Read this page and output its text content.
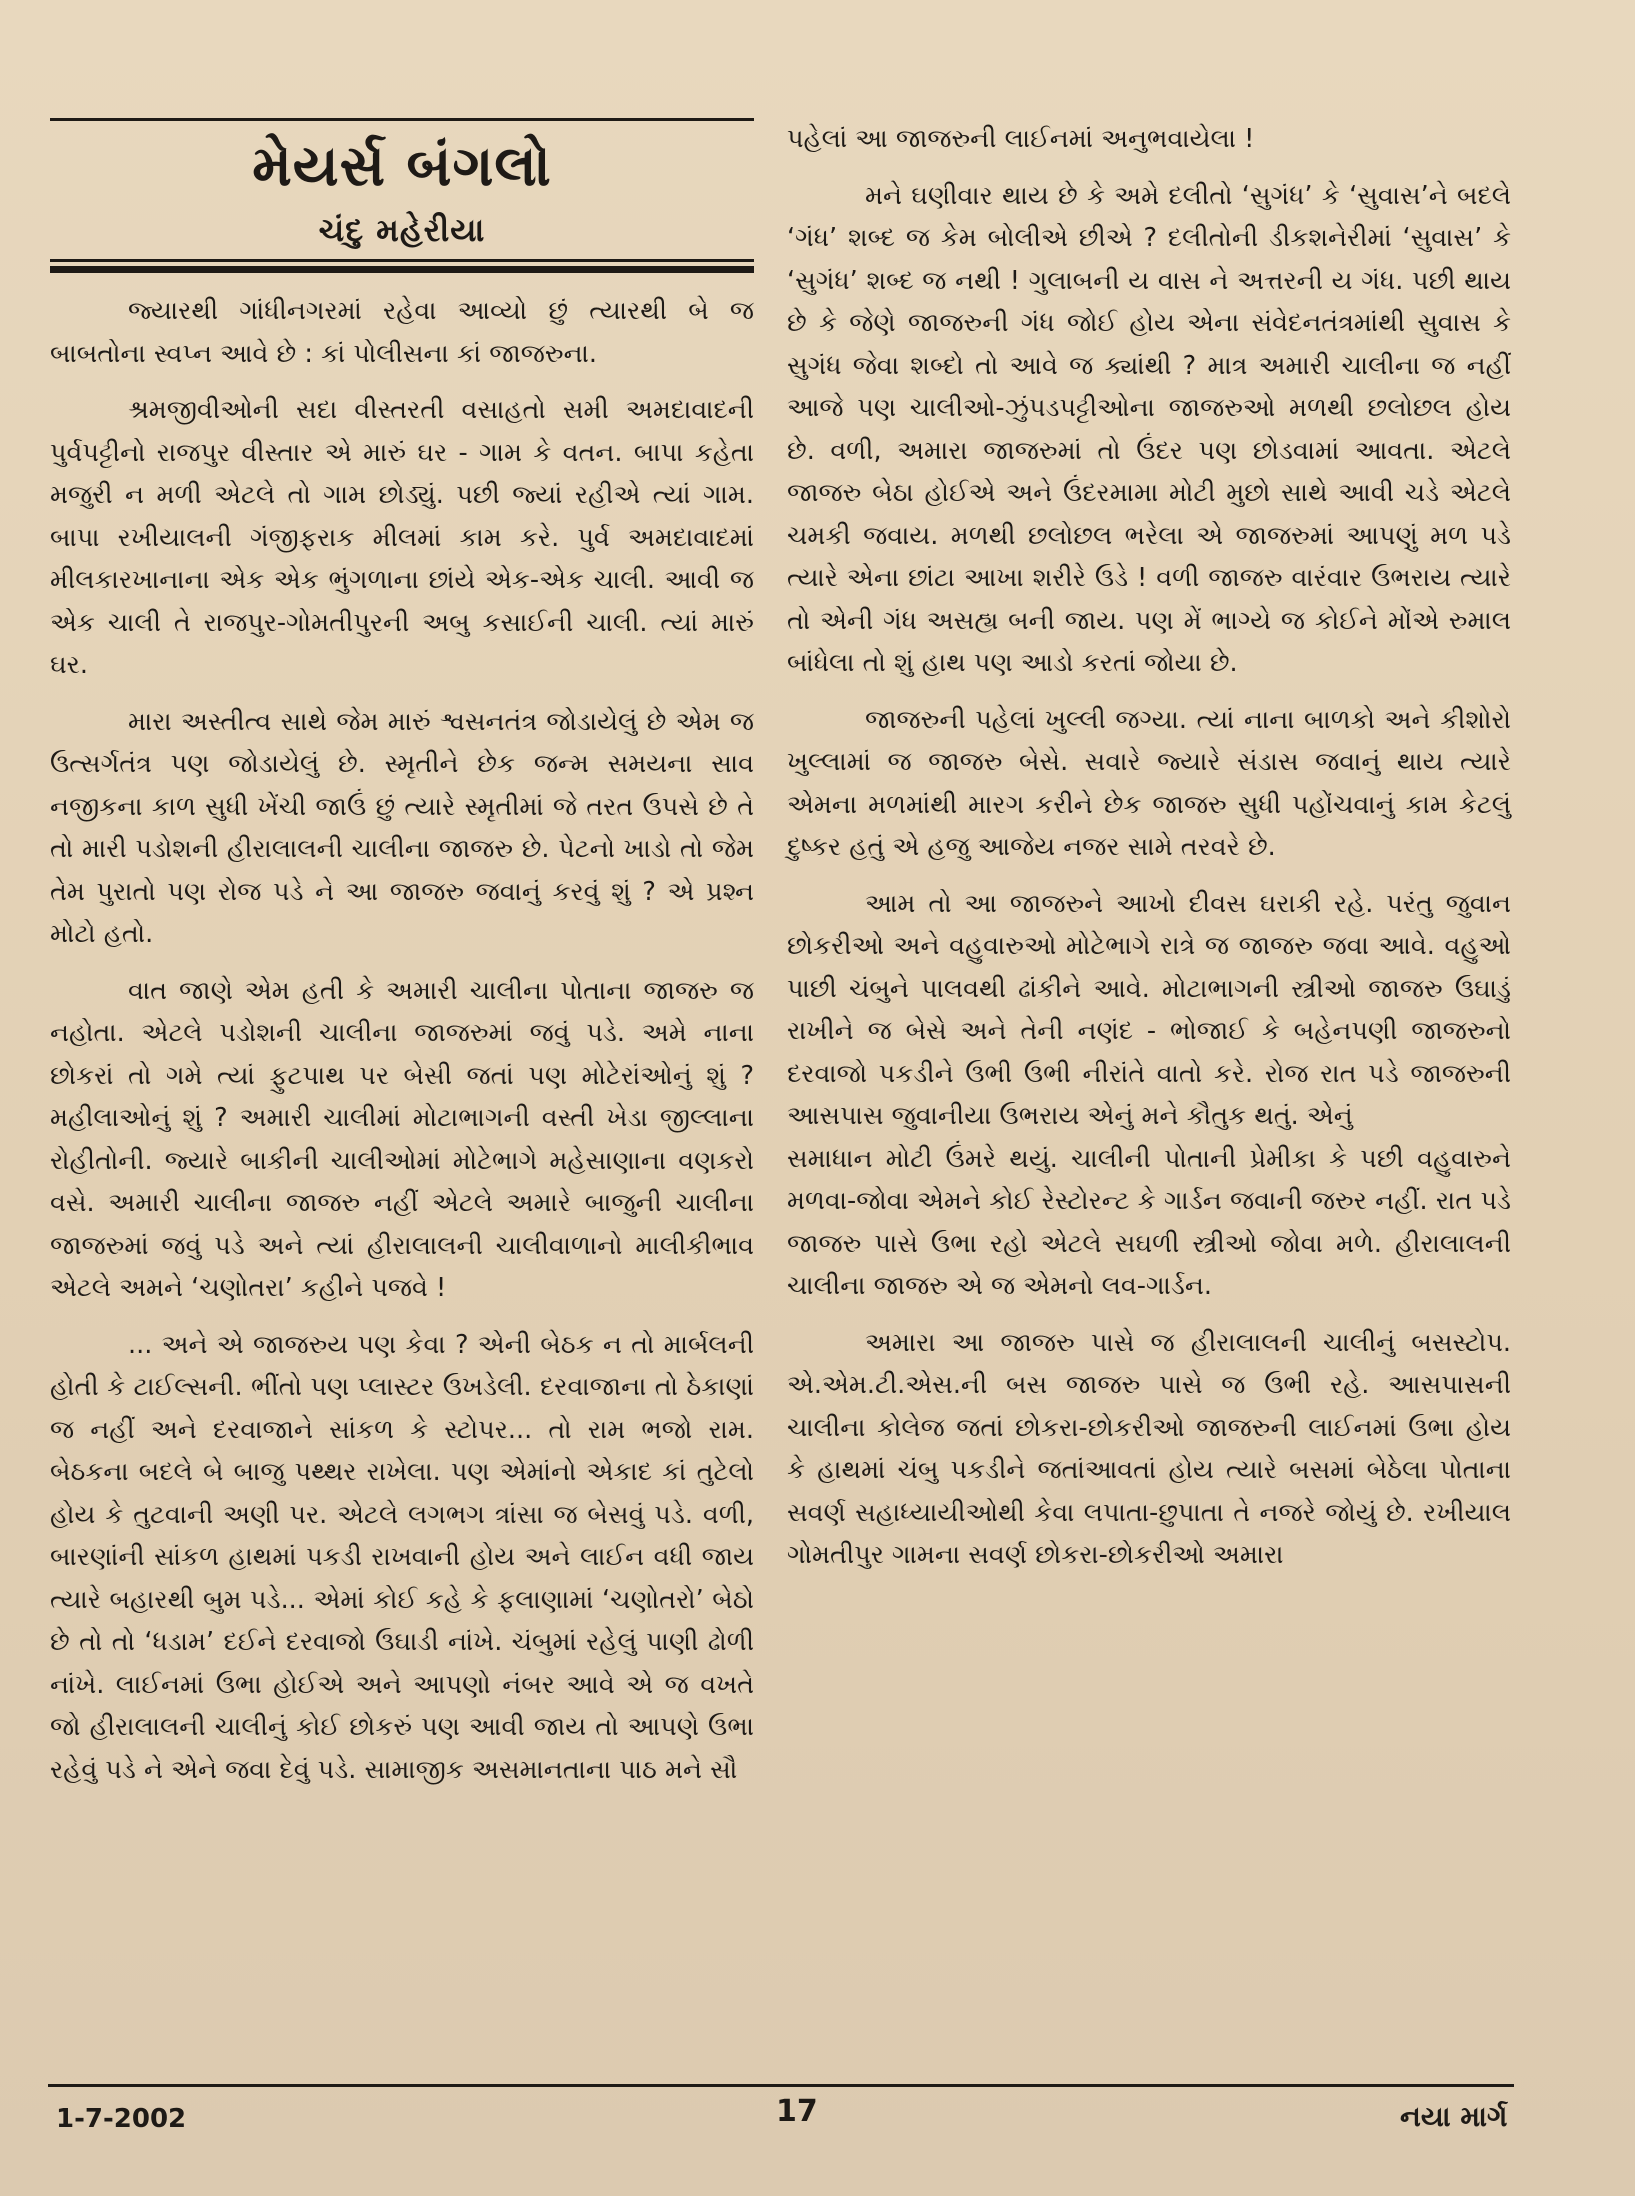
મેયર્સ બંગલો
ચંદુ મહેરીયા

જ્યારથી ગાંધીનગરમાં રહેવા આવ્યો છું ત્યારથી બે જ બાબતોના સ્વપ્ન આવે છે : કાં પોલીસના કાં જાજરુના.

શ્રમજીવીઓની સદા વીસ્તરતી વસાહતો સમી અમદાવાદની પુર્વપટ્ટીનો રાજપુર વીસ્તાર એ મારું ઘર - ગામ કે વતન. બાપા કહેતા મજુરી ન મળી એટલે તો ગામ છોડ્યું. પછી જ્યાં રહીએ ત્યાં ગામ. બાપા રખીયાલની ગંજીફરાક મીલમાં કામ કરે. પુર્વ અમદાવાદમાં મીલકારખાનાના એક એક ભુંગળાના છાંયે એક-એક ચાલી. આવી જ એક ચાલી તે રાજપુર-ગોમતીપુરની અબુ કસાઈની ચાલી. ત્યાં મારું ઘર.

મારા અસ્તીત્વ સાથે જેમ મારું શ્વસનતંત્ર જોડાયેલું છે એમ જ ઉત્સર્ગતંત્ર પણ જોડાયેલું છે. સ્મૃતીને છેક જન્મ સમયના સાવ નજીકના કાળ સુધી ખેંચી જાઉં છું ત્યારે સ્મૃતીમાં જે તરત ઉપસે છે તે તો મારી પડોશની હીરાલાલની ચાલીના જાજરુ છે. પેટનો ખાડો તો જેમ તેમ પુરાતો પણ રોજ પડે ને આ જાજરુ જવાનું કરવું શું ? એ પ્રશ્ન મોટો હતો.

વાત જાણે એમ હતી કે અમારી ચાલીના પોતાના જાજરુ જ નહોતા. એટલે પડોશની ચાલીના જાજરુમાં જવું પડે. અમે નાના છોકરાં તો ગમે ત્યાં ફુટપાથ પર બેસી જતાં પણ મોટેરાંઓનું શું ? મહીલાઓનું શું ? અમારી ચાલીમાં મોટાભાગની વસ્તી ખેડા જીલ્લાના રોહીતોની. જ્યારે બાકીની ચાલીઓમાં મોટેભાગે મહેસાણાના વણકરો વસે. અમારી ચાલીના જાજરુ નહીં એટલે અમારે બાજુની ચાલીના જાજરુમાં જવું પડે અને ત્યાં હીરાલાલની ચાલીવાળાનો માલીકીભાવ એટલે અમને ‘ચણોતરા’ કહીને પજવે !

... અને એ જાજરુય પણ કેવા ? એની બેઠક ન તો માર્બલની હોતી કે ટાઈલ્સની. ભીંતો પણ પ્લાસ્ટર ઉખડેલી. દરવાજાના તો ઠેકાણાં જ નહીં અને દરવાજાને સાંકળ કે સ્ટોપર... તો રામ ભજો રામ. બેઠકના બદલે બે બાજુ પથ્થર રાખેલા. પણ એમાંનો એકાદ કાં તુટેલો હોય કે તુટવાની અણી પર. એટલે લગભગ ત્રાંસા જ બેસવું પડે. વળી, બારણાંની સાંકળ હાથમાં પકડી રાખવાની હોય અને લાઈન વધી જાય ત્યારે બહારથી બુમ પડે... એમાં કોઈ કહે કે ફલાણામાં ‘ચણોતરો’ બેઠો છે તો તો ‘ધડામ’ દઈને દરવાજો ઉઘાડી નાંખે. ચંબુમાં રહેલું પાણી ઢોળી નાંખે. લાઈનમાં ઉભા હોઈએ અને આપણો નંબર આવે એ જ વખતે જો હીરાલાલની ચાલીનું કોઈ છોકરું પણ આવી જાય તો આપણે ઉભા રહેવું પડે ને એને જવા દેવું પડે. સામાજીક અસમાનતાના પાઠ મને સૌ

પહેલાં આ જાજરુની લાઈનમાં અનુભવાયેલા !

મને ઘણીવાર થાય છે કે અમે દલીતો ‘સુગંધ’ કે ‘સુવાસ’ને બદલે ‘ગંધ’ શબ્દ જ કેમ બોલીએ છીએ ? દલીતોની ડીકશનેરીમાં ‘સુવાસ’ કે ‘સુગંધ’ શબ્દ જ નથી ! ગુલાબની ય વાસ ને અત્તરની ય ગંધ. પછી થાય છે કે જેણે જાજરુની ગંધ જોઈ હોય એના સંવેદનતંત્રમાંથી સુવાસ કે સુગંધ જેવા શબ્દો તો આવે જ ક્યાંથી ? માત્ર અમારી ચાલીના જ નહીં આજે પણ ચાલીઓ-ઝુંપડપટ્ટીઓના જાજરુઓ મળથી છલોછલ હોય છે. વળી, અમારા જાજરુમાં તો ઉંદર પણ છોડવામાં આવતા. એટલે જાજરુ બેઠા હોઈએ અને ઉંદરમામા મોટી મુછો સાથે આવી ચડે એટલે ચમકી જવાય. મળથી છલોછલ ભરેલા એ જાજરુમાં આપણું મળ પડે ત્યારે એના છાંટા આખા શરીરે ઉડે ! વળી જાજરુ વારંવાર ઉભરાય ત્યારે તો એની ગંધ અસહ્ય બની જાય. પણ મેં ભાગ્યે જ કોઈને મોંએ રુમાલ બાંધેલા તો શું હાથ પણ આડો કરતાં જોયા છે.

જાજરુની પહેલાં ખુલ્લી જગ્યા. ત્યાં નાના બાળકો અને કીશોરો ખુલ્લામાં જ જાજરુ બેસે. સવારે જ્યારે સંડાસ જવાનું થાય ત્યારે એમના મળમાંથી મારગ કરીને છેક જાજરુ સુધી પહોંચવાનું કામ કેટલું દુષ્કર હતું એ હજુ આજેય નજર સામે તરવરે છે.

આમ તો આ જાજરુને આખો દીવસ ઘરાકી રહે. પરંતુ જુવાન છોકરીઓ અને વહુવારુઓ મોટેભાગે રાત્રે જ જાજરુ જવા આવે. વહુઓ પાછી ચંબુને પાલવથી ઢાંકીને આવે. મોટાભાગની સ્ત્રીઓ જાજરુ ઉઘાડું રાખીને જ બેસે અને તેની નણંદ - ભોજાઈ કે બહેનપણી જાજરુનો દરવાજો પકડીને ઉભી ઉભી નીરાંતે વાતો કરે. રોજ રાત પડે જાજરુની આસપાસ જુવાનીયા ઉભરાય એનું મને કૌતુક થતું. એનું

સમાધાન મોટી ઉંમરે થયું. ચાલીની પોતાની પ્રેમીકા કે પછી વહુવારુને મળવા-જોવા એમને કોઈ રેસ્ટોરન્ટ કે ગાર્ડન જવાની જરુર નહીં. રાત પડે જાજરુ પાસે ઉભા રહો એટલે સઘળી સ્ત્રીઓ જોવા મળે. હીરાલાલની ચાલીના જાજરુ એ જ એમનો લવ-ગાર્ડન.

અમારા આ જાજરુ પાસે જ હીરાલાલની ચાલીનું બસસ્ટોપ. એ.એમ.ટી.એસ.ની બસ જાજરુ પાસે જ ઉભી રહે. આસપાસની ચાલીના કોલેજ જતાં છોકરા-છોકરીઓ જાજરુની લાઈનમાં ઉભા હોય કે હાથમાં ચંબુ પકડીને જતાંઆવતાં હોય ત્યારે બસમાં બેઠેલા પોતાના સવર્ણ સહાધ્યાયીઓથી કેવા લપાતા-છુપાતા તે નજરે જોયું છે. રખીયાલ ગોમતીપુર ગામના સવર્ણ છોકરા-છોકરીઓ અમારા

1-7-2002	17	નયા માર્ગ
